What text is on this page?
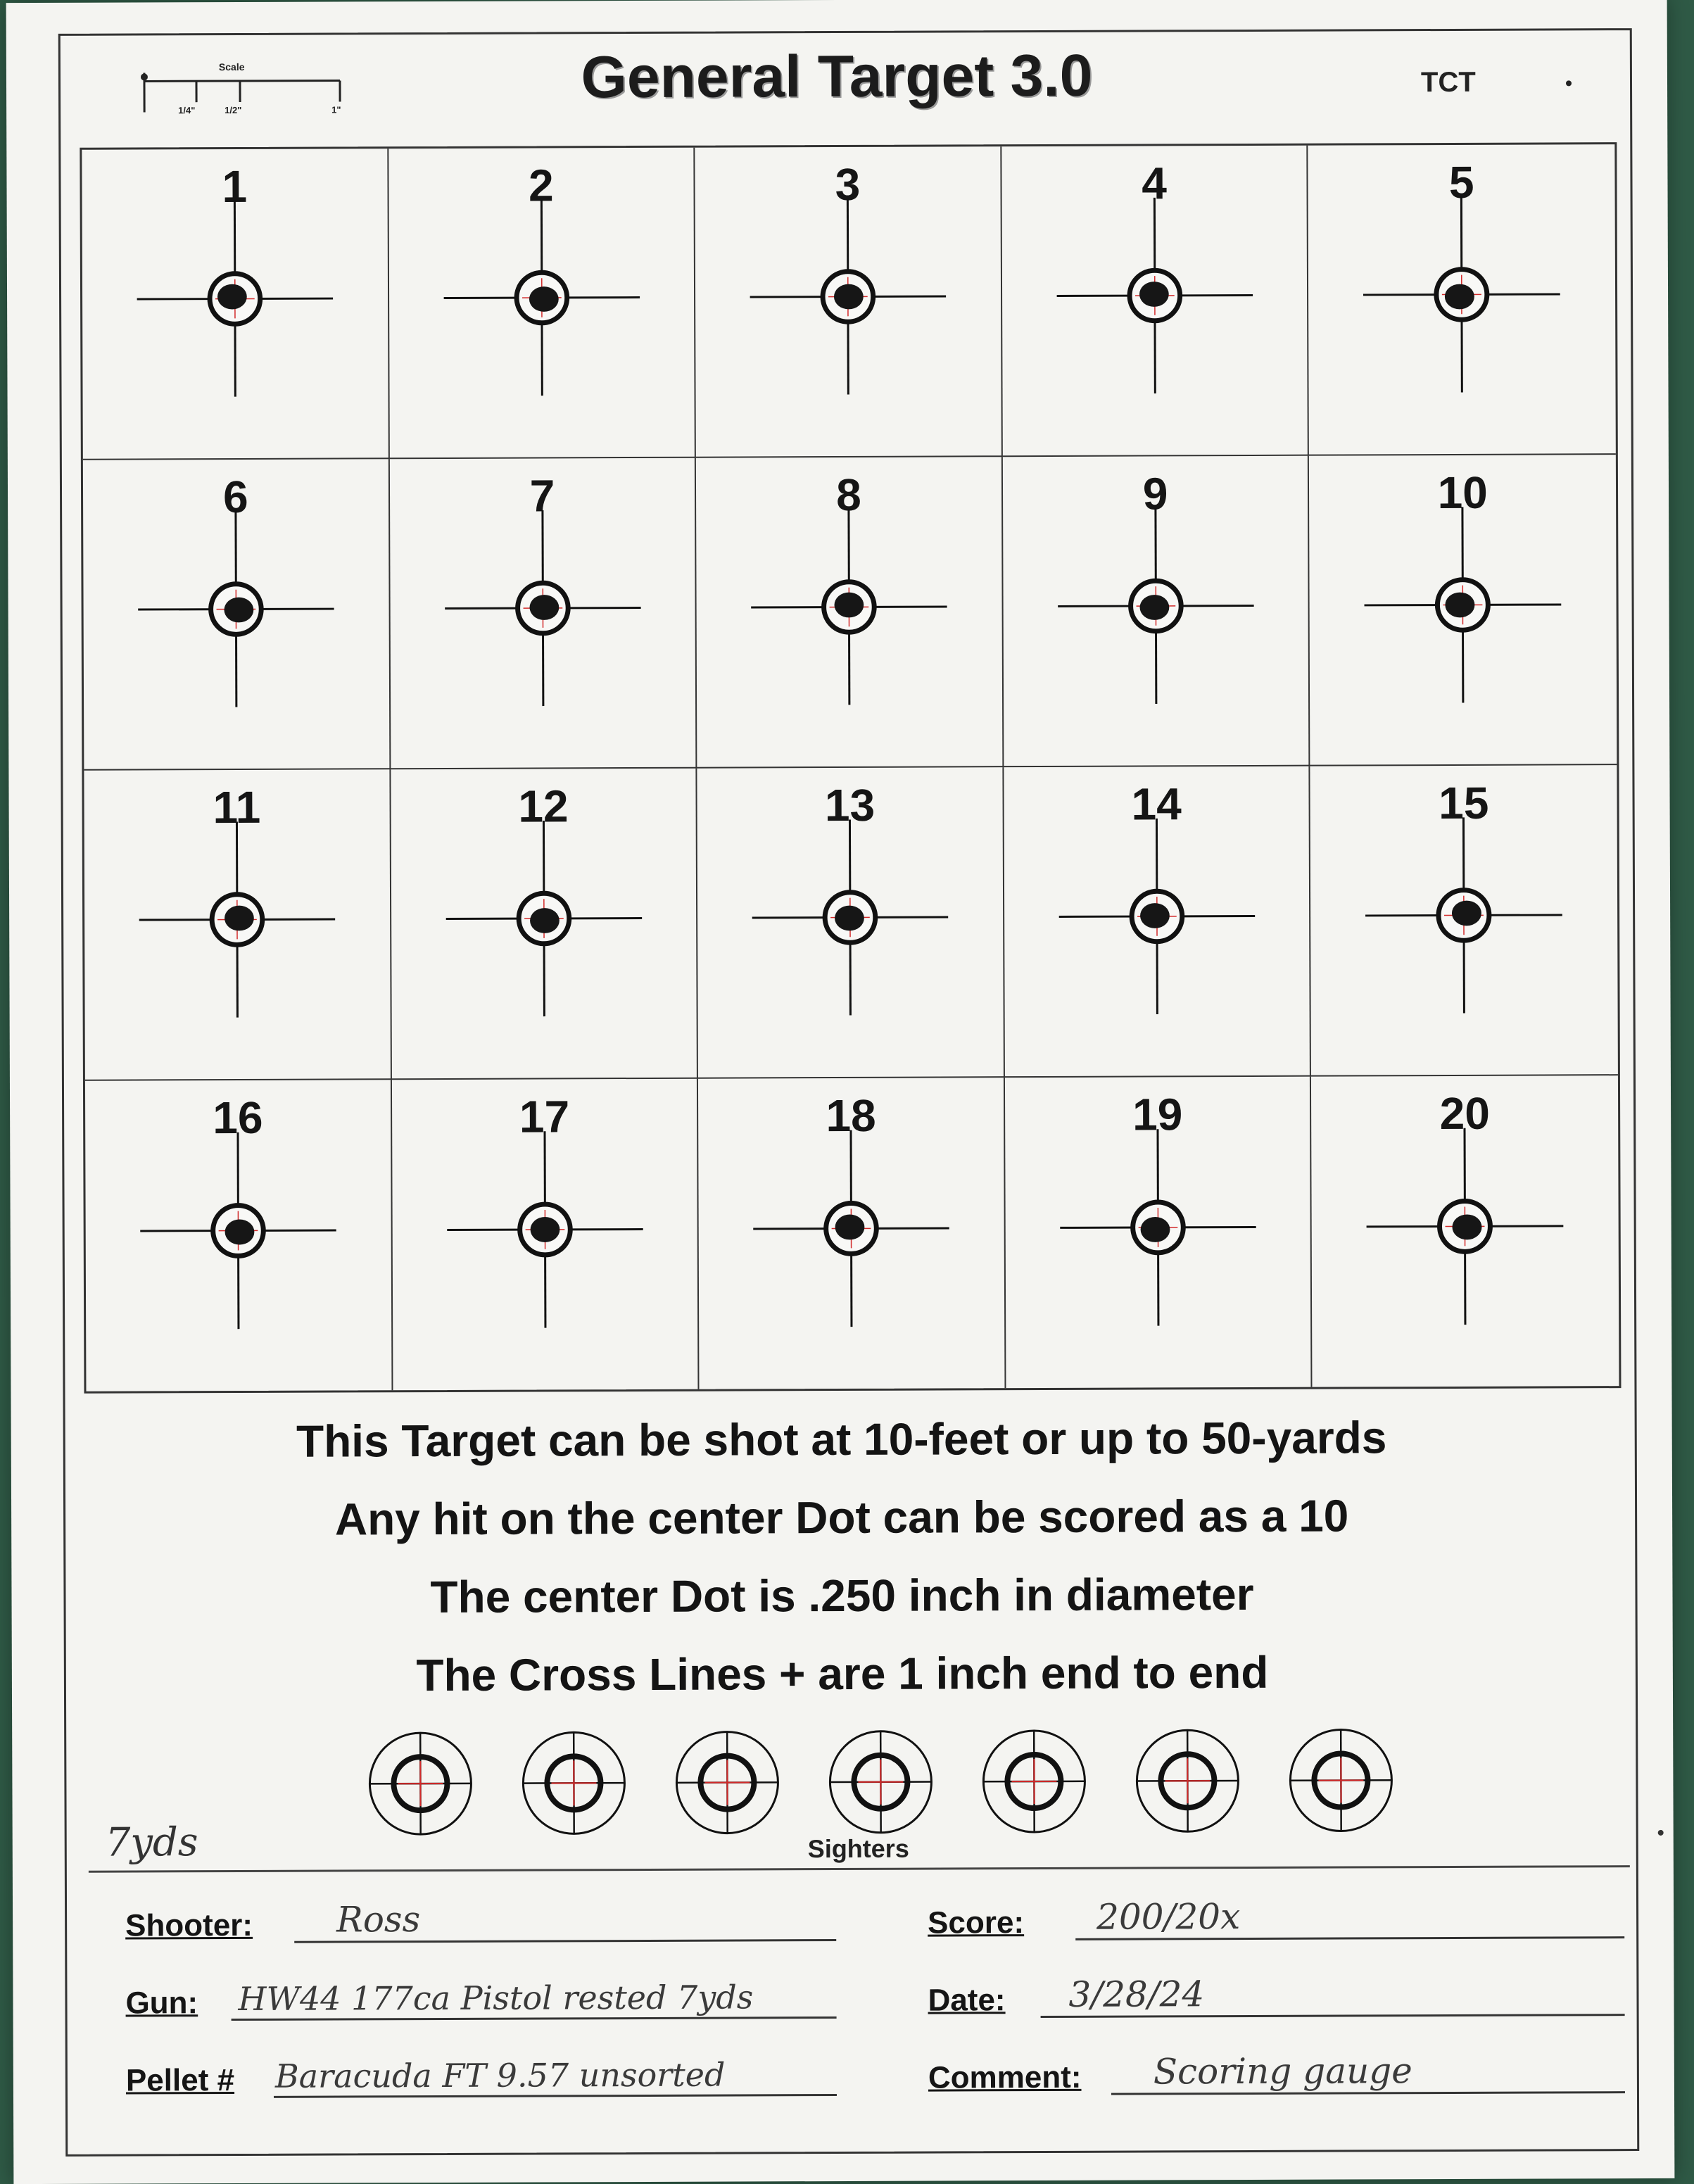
Scale
1/4"	1/2"	1"	General Target 3.0	TCT
1	2	3	4	5
6	7	8	9	10
11	12	13	14	15
16	17	18	19	20
This Target can be shot at 10-feet or up to 50-yards
Any hit on the center Dot can be scored as a 10
The center Dot is .250 inch in diameter
The Cross Lines + are 1 inch end to end
Sighters
7yds
Shooter: Ross
Gun: HW44 177ca Pistol rested 7yds
Pellet # Baracuda FT 9.57 unsorted
Score: 200/20x
Date: 3/28/24
Comment: Scoring gauge
